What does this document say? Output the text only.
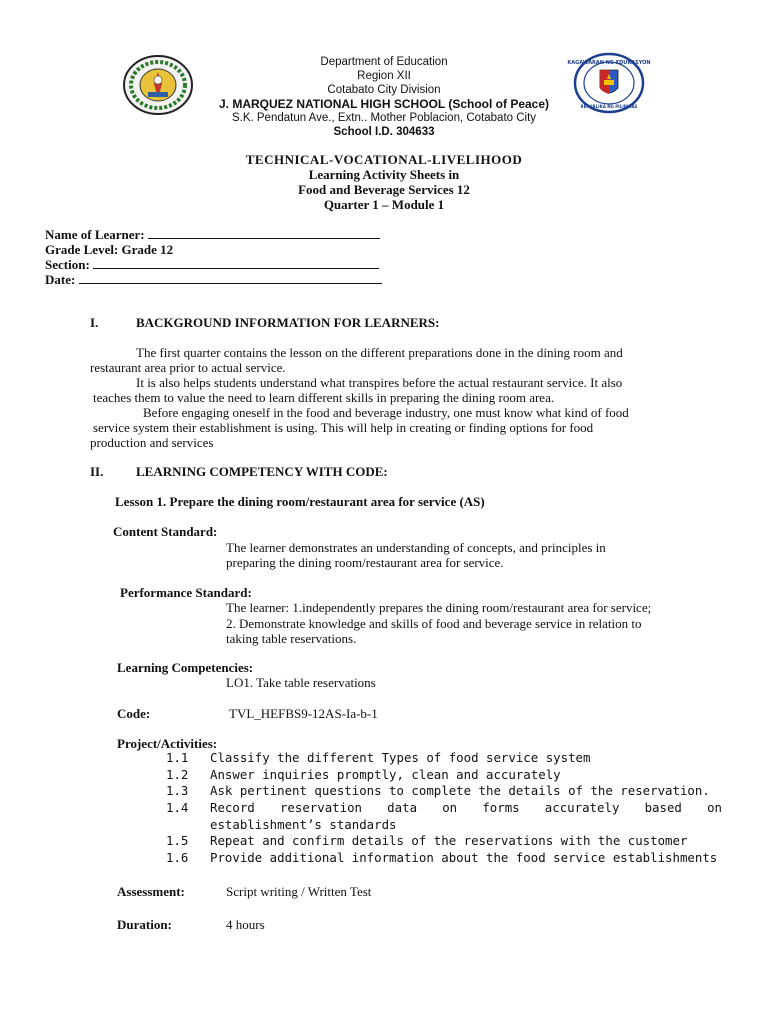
KAGAWARAN NG EDUKASYON
REPUBLIKA NG PILIPINAS
Department of Education
Region XII
Cotabato City Division
J. MARQUEZ NATIONAL HIGH SCHOOL (School of Peace)
S.K. Pendatun Ave., Extn.. Mother Poblacion, Cotabato City
School I.D. 304633
TECHNICAL-VOCATIONAL-LIVELIHOOD
Learning Activity Sheets in
Food and Beverage Services 12
Quarter 1 – Module 1
Name of Learner:
Grade Level: Grade 12
Section:
Date:
I.	BACKGROUND INFORMATION FOR LEARNERS:
The first quarter contains the lesson on the different preparations done in the dining room and
restaurant area prior to actual service.
It is also helps students understand what transpires before the actual restaurant service. It also
teaches them to value the need to learn different skills in preparing the dining room area.
Before engaging oneself in the food and beverage industry, one must know what kind of food
service system their establishment is using. This will help in creating or finding options for food
production and services
II.	LEARNING COMPETENCY WITH CODE:
Lesson 1. Prepare the dining room/restaurant area for service (AS)
Content Standard:
The learner demonstrates an understanding of concepts, and principles in
preparing the dining room/restaurant area for service.
Performance Standard:
The learner: 1.independently prepares the dining room/restaurant area for service;
2. Demonstrate knowledge and skills of food and beverage service in relation to
taking table reservations.
Learning Competencies:
LO1. Take table reservations
Code:	TVL_HEFBS9-12AS-Ia-b-1
Project/Activities:
1.1 Classify the different Types of food service system
1.2 Answer inquiries promptly, clean and accurately
1.3 Ask pertinent questions to complete the details of the reservation.
1.4 Record reservation data on forms accurately based on
establishment’s standards
1.5 Repeat and confirm details of the reservations with the customer
1.6 Provide additional information about the food service establishments
Assessment:	Script writing / Written Test
Duration:	4 hours
